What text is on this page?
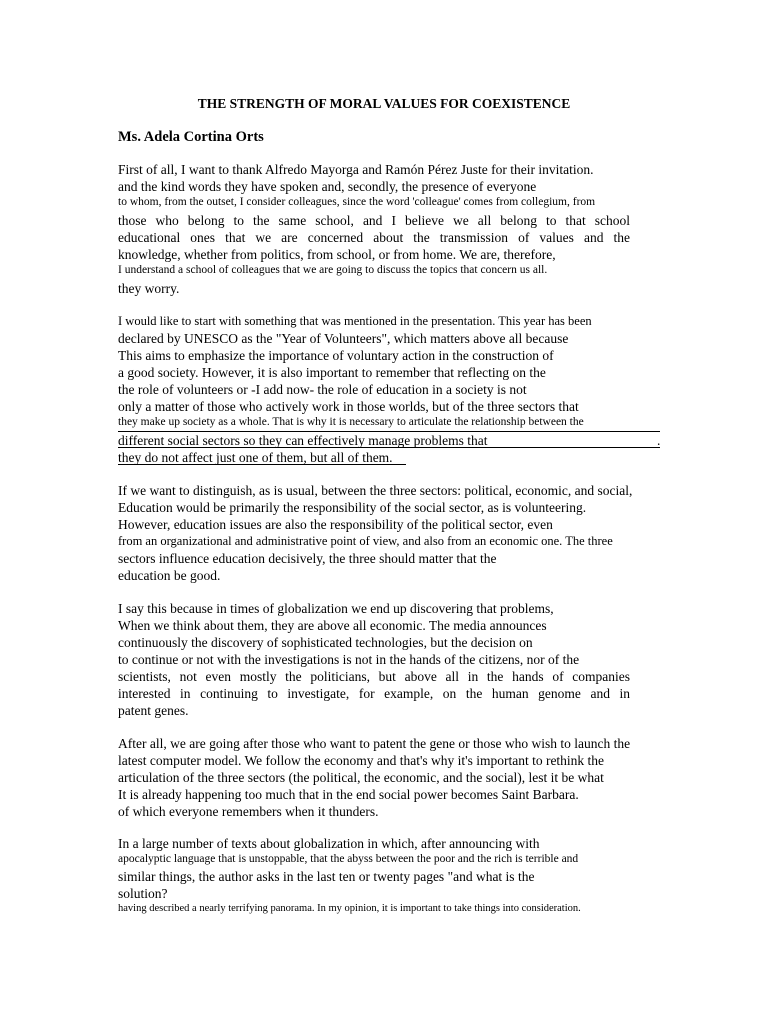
THE STRENGTH OF MORAL VALUES FOR COEXISTENCE
Ms. Adela Cortina Orts
First of all, I want to thank Alfredo Mayorga and Ramón Pérez Juste for their invitation.
and the kind words they have spoken and, secondly, the presence of everyone
to whom, from the outset, I consider colleagues, since the word 'colleague' comes from collegium, from
those who belong to the same school, and I believe we all belong to that school
educational ones that we are concerned about the transmission of values and the
knowledge, whether from politics, from school, or from home. We are, therefore,
I understand a school of colleagues that we are going to discuss the topics that concern us all.
they worry.
I would like to start with something that was mentioned in the presentation. This year has been
declared by UNESCO as the "Year of Volunteers", which matters above all because
This aims to emphasize the importance of voluntary action in the construction of
a good society. However, it is also important to remember that reflecting on the
the role of volunteers or -I add now- the role of education in a society is not
only a matter of those who actively work in those worlds, but of the three sectors that
they make up society as a whole. That is why it is necessary to articulate the relationship between the
different social sectors so they can effectively manage problems that
they do not affect just one of them, but all of them.
.
If we want to distinguish, as is usual, between the three sectors: political, economic, and social,
Education would be primarily the responsibility of the social sector, as is volunteering.
However, education issues are also the responsibility of the political sector, even
from an organizational and administrative point of view, and also from an economic one. The three
sectors influence education decisively, the three should matter that the
education be good.
I say this because in times of globalization we end up discovering that problems,
When we think about them, they are above all economic. The media announces
continuously the discovery of sophisticated technologies, but the decision on
to continue or not with the investigations is not in the hands of the citizens, nor of the
scientists, not even mostly the politicians, but above all in the hands of companies
interested in continuing to investigate, for example, on the human genome and in
patent genes.
After all, we are going after those who want to patent the gene or those who wish to launch the
latest computer model. We follow the economy and that's why it's important to rethink the
articulation of the three sectors (the political, the economic, and the social), lest it be what
It is already happening too much that in the end social power becomes Saint Barbara.
of which everyone remembers when it thunders.
In a large number of texts about globalization in which, after announcing with
apocalyptic language that is unstoppable, that the abyss between the poor and the rich is terrible and
similar things, the author asks in the last ten or twenty pages "and what is the
solution?
having described a nearly terrifying panorama. In my opinion, it is important to take things into consideration.
